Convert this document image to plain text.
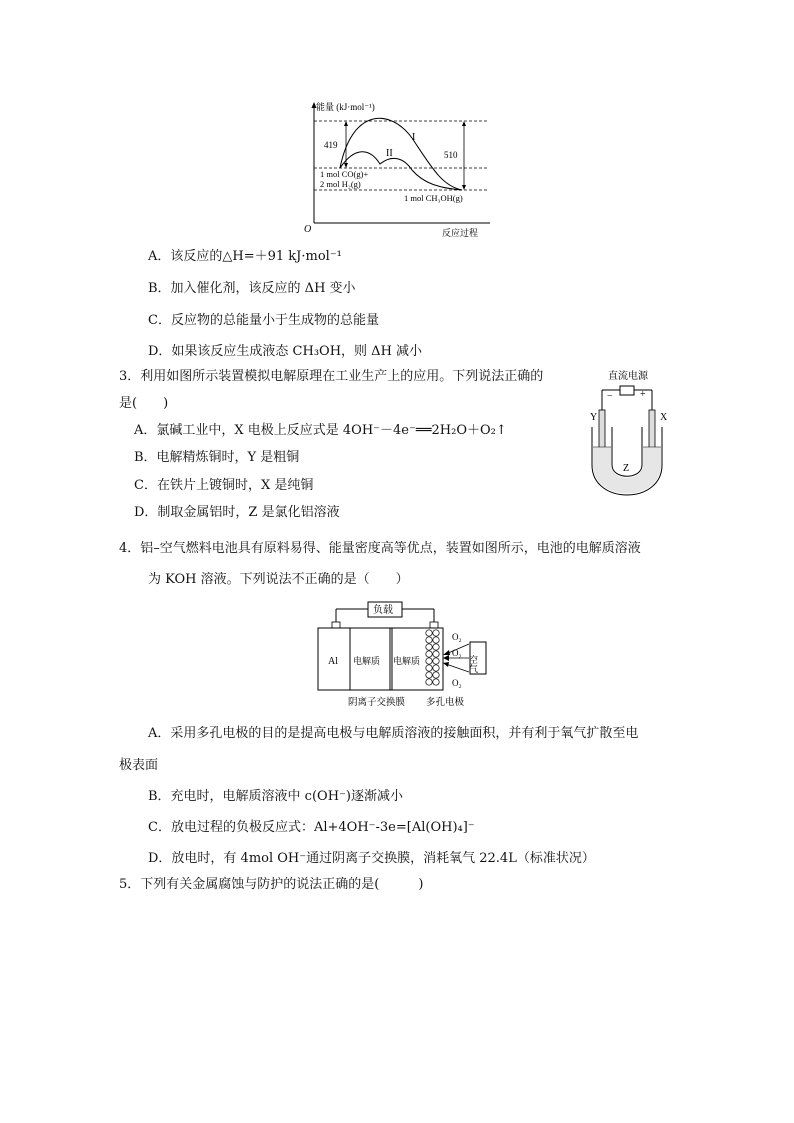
能量 (kJ·mol⁻¹)
O	反应过程
I
II
419
510
1 mol CO(g)+
2 mol H₂(g)
1 mol CH₃OH(g)
A．该反应的△H=＋91 kJ·mol⁻¹
B．加入催化剂，该反应的 ΔH 变小
C．反应物的总能量小于生成物的总能量
D．如果该反应生成液态 CH₃OH，则 ΔH 减小
3．利用如图所示装置模拟电解原理在工业生产上的应用。下列说法正确的
是(　　)
A．氯碱工业中，X 电极上反应式是 4OH⁻－4e⁻══2H₂O＋O₂↑
B．电解精炼铜时，Y 是粗铜
C．在铁片上镀铜时，X 是纯铜
D．制取金属铝时，Z 是氯化铝溶液
直流电源
−	+
Y	X
Z
4．铝–空气燃料电池具有原料易得、能量密度高等优点，装置如图所示，电池的电解质溶液
为 KOH 溶液。下列说法不正确的是（　　）
负载
Al 电解质 电解质	空气
O₂
O₂
O₂
阴离子交换膜 多孔电极
A．采用多孔电极的目的是提高电极与电解质溶液的接触面积，并有利于氧气扩散至电
极表面
B．充电时，电解质溶液中 c(OH⁻)逐渐减小
C．放电过程的负极反应式：Al+4OH⁻-3e=[Al(OH)₄]⁻
D．放电时，有 4mol OH⁻通过阴离子交换膜，消耗氧气 22.4L（标准状况）
5．下列有关金属腐蚀与防护的说法正确的是(　　　)
